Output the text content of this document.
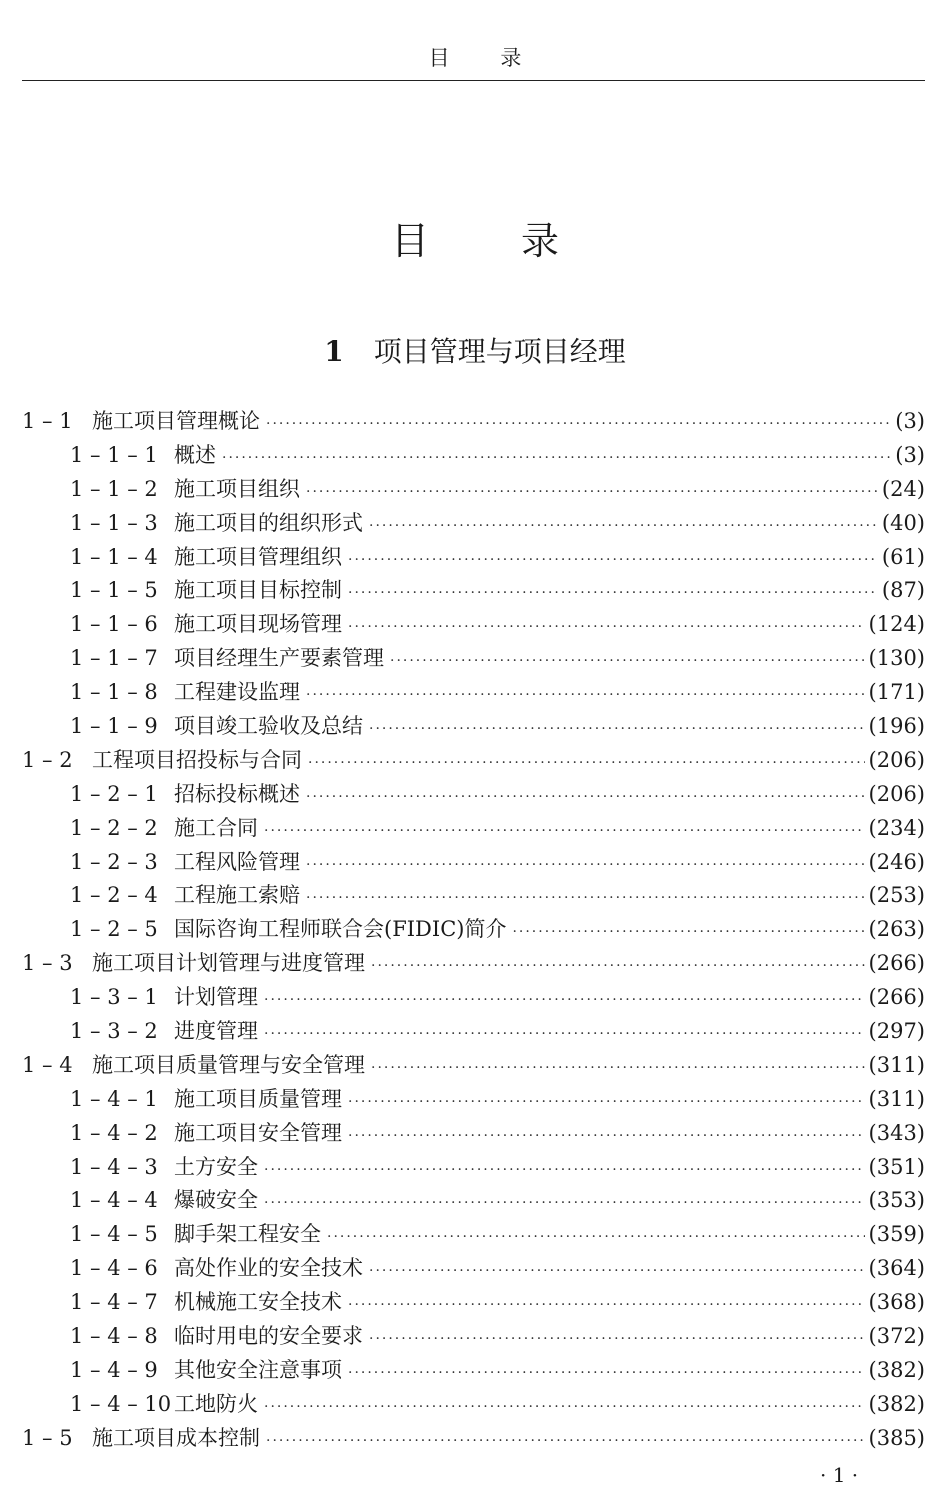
目 录
目 录
1 项目管理与项目经理
1 – 1 施工项目管理概论 ·····	(3)
1 – 1 – 1 概述 ·····	(3)
1 – 1 – 2 施工项目组织 ·····	(24)
1 – 1 – 3 施工项目的组织形式 ·····	(40)
1 – 1 – 4 施工项目管理组织 ·····	(61)
1 – 1 – 5 施工项目目标控制 ·····	(87)
1 – 1 – 6 施工项目现场管理 ·····	(124)
1 – 1 – 7 项目经理生产要素管理 ·····	(130)
1 – 1 – 8 工程建设监理 ·····	(171)
1 – 1 – 9 项目竣工验收及总结 ·····	(196)
1 – 2 工程项目招投标与合同 ·····	(206)
1 – 2 – 1 招标投标概述 ·····	(206)
1 – 2 – 2 施工合同 ·····	(234)
1 – 2 – 3 工程风险管理 ·····	(246)
1 – 2 – 4 工程施工索赔 ·····	(253)
1 – 2 – 5 国际咨询工程师联合会(FIDIC)简介 ·····	(263)
1 – 3 施工项目计划管理与进度管理 ·····	(266)
1 – 3 – 1 计划管理 ·····	(266)
1 – 3 – 2 进度管理 ·····	(297)
1 – 4 施工项目质量管理与安全管理 ·····	(311)
1 – 4 – 1 施工项目质量管理 ·····	(311)
1 – 4 – 2 施工项目安全管理 ·····	(343)
1 – 4 – 3 土方安全 ·····	(351)
1 – 4 – 4 爆破安全 ·····	(353)
1 – 4 – 5 脚手架工程安全 ·····	(359)
1 – 4 – 6 高处作业的安全技术 ·····	(364)
1 – 4 – 7 机械施工安全技术 ·····	(368)
1 – 4 – 8 临时用电的安全要求 ·····	(372)
1 – 4 – 9 其他安全注意事项 ·····	(382)
1 – 4 – 10 工地防火 ·····	(382)
1 – 5 施工项目成本控制 ·····	(385)
· 1 ·
